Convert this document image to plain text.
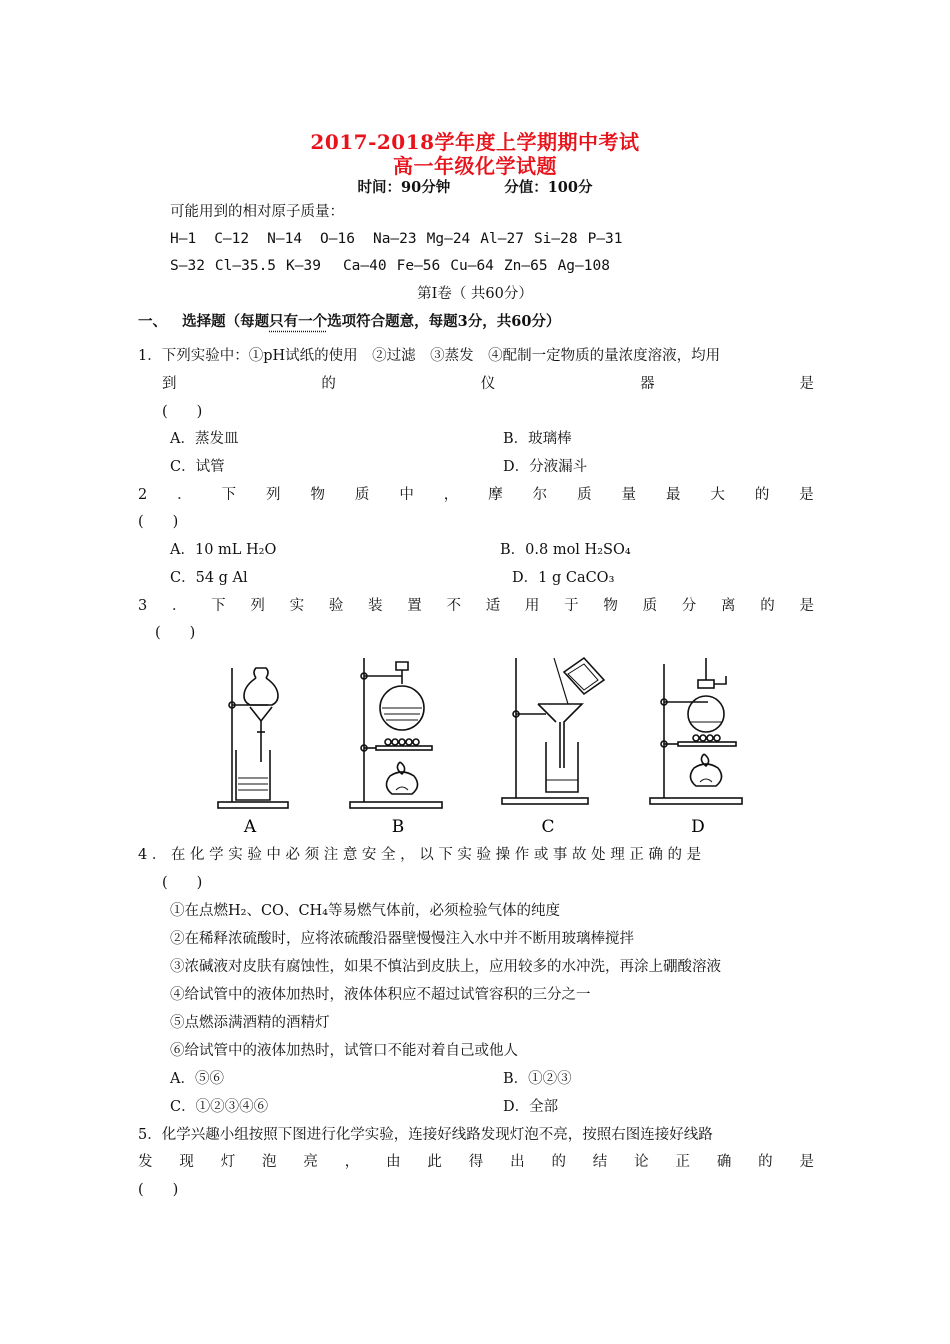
2017-2018学年度上学期期中考试
高一年级化学试题
时间：90分钟	分值：100分
可能用到的相对原子质量：
H—1 C—12 N—14 O—16 Na—23 Mg—24 Al—27 Si—28 P—31
S—32 Cl—35.5 K—39 Ca—40 Fe—56 Cu—64 Zn—65 Ag—108
第Ⅰ卷（ 共60分）
一、 选择题（每题只有一个选项符合题意，每题3分，共60分）
1．下列实验中：①pH试纸的使用　②过滤　③蒸发　④配制一定物质的量浓度溶液，均用
到	的	仪	器	是
(　　)
A．蒸发皿	B．玻璃棒
C．试管	D．分液漏斗
2 ． 下 列 物 质 中 ， 摩 尔 质 量 最 大 的 是
(　　)
A．10 mL H₂O	B．0.8 mol H₂SO₄
C．54 g Al	D．1 g CaCO₃
3 ． 下 列 实 验 装 置 不 适 用 于 物 质 分 离 的 是
(　　)
A	B	C	D
4．在化学实验中必须注意安全，以下实验操作或事故处理正确的是
(　　)
①在点燃H₂、CO、CH₄等易燃气体前，必须检验气体的纯度
②在稀释浓硫酸时，应将浓硫酸沿器壁慢慢注入水中并不断用玻璃棒搅拌
③浓碱液对皮肤有腐蚀性，如果不慎沾到皮肤上，应用较多的水冲洗，再涂上硼酸溶液
④给试管中的液体加热时，液体体积应不超过试管容积的三分之一
⑤点燃添满酒精的酒精灯
⑥给试管中的液体加热时，试管口不能对着自己或他人
A．⑤⑥	B．①②③
C．①②③④⑥	D．全部
5．化学兴趣小组按照下图进行化学实验，连接好线路发现灯泡不亮，按照右图连接好线路
发 现 灯 泡 亮 ， 由 此 得 出 的 结 论 正 确 的 是
(　　)
